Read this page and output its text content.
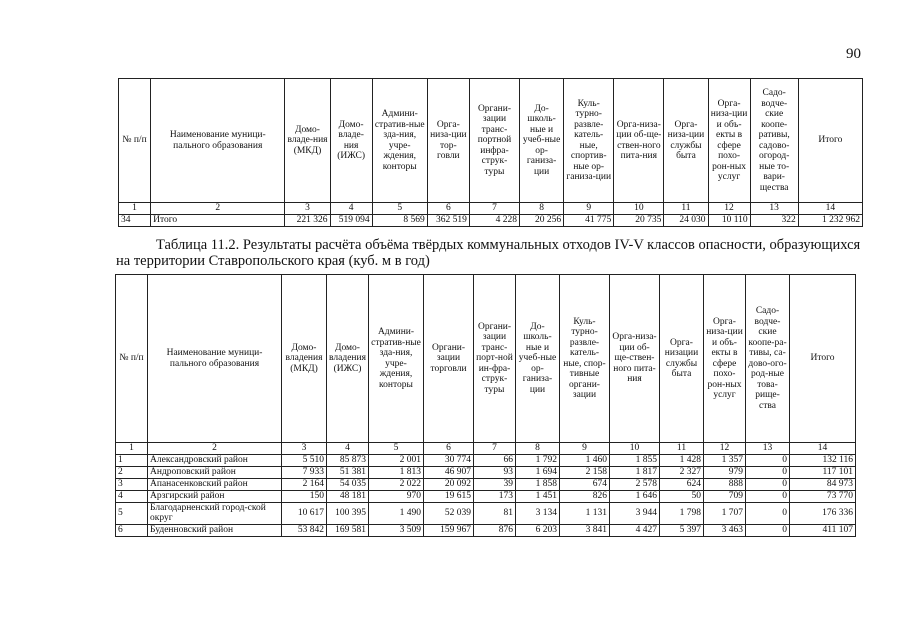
90
№ п/п	Наименование муници-пального образования	Домо-владе-ния (МКД)	Домо-владе-ния (ИЖС)	Админи-стратив-ные зда-ния, учре-ждения, конторы	Орга-низа-ции тор-говли	Органи-зации транс-портной инфра-струк-туры	До-школь-ные и учеб-ные ор-ганиза-ции	Куль-турно-развле-катель-ные, спортив-ные ор-ганиза-ции	Орга-низа-ции об-ще-ствен-ного пита-ния	Орга-низа-ции службы быта	Орга-низа-ции и объ-екты в сфере похо-рон-ных услуг	Садо-водче-ские коопе-ративы, садово-огород-ные то-вари-щества	Итого
1	2	3	4	5	6	7	8	9	10	11	12	13	14
34	Итого	221 326	519 094	8 569	362 519	4 228	20 256	41 775	20 735	24 030	10 110	322	1 232 962
Таблица 11.2. Результаты расчёта объёма твёрдых коммунальных отходов IV-V классов опасности, образующихся
на территории Ставропольского края (куб. м в год)
№ п/п	Наименование муници-пального образования	Домо-владения (МКД)	Домо-владения (ИЖС)	Админи-стратив-ные зда-ния, учре-ждения, конторы	Органи-зации торговли	Органи-зации транс-порт-ной ин-фра-струк-туры	До-школь-ные и учеб-ные ор-ганиза-ции	Куль-турно-развле-катель-ные, спор-тивные органи-зации	Орга-низа-ции об-ще-ствен-ного пита-ния	Орга-низации службы быта	Орга-низа-ции и объ-екты в сфере похо-рон-ных услуг	Садо-водче-ские коопе-ра-тивы, са-дово-ого-род-ные това-рище-ства	Итого
1	2	3	4	5	6	7	8	9	10	11	12	13	14
1	Александровский район	5 510	85 873	2 001	30 774	66	1 792	1 460	1 855	1 428	1 357	0	132 116
2	Андроповский район	7 933	51 381	1 813	46 907	93	1 694	2 158	1 817	2 327	979	0	117 101
3	Апанасенковский район	2 164	54 035	2 022	20 092	39	1 858	674	2 578	624	888	0	84 973
4	Арзгирский район	150	48 181	970	19 615	173	1 451	826	1 646	50	709	0	73 770
5	Благодарненский город-ской округ	10 617	100 395	1 490	52 039	81	3 134	1 131	3 944	1 798	1 707	0	176 336
6	Буденновский район	53 842	169 581	3 509	159 967	876	6 203	3 841	4 427	5 397	3 463	0	411 107
